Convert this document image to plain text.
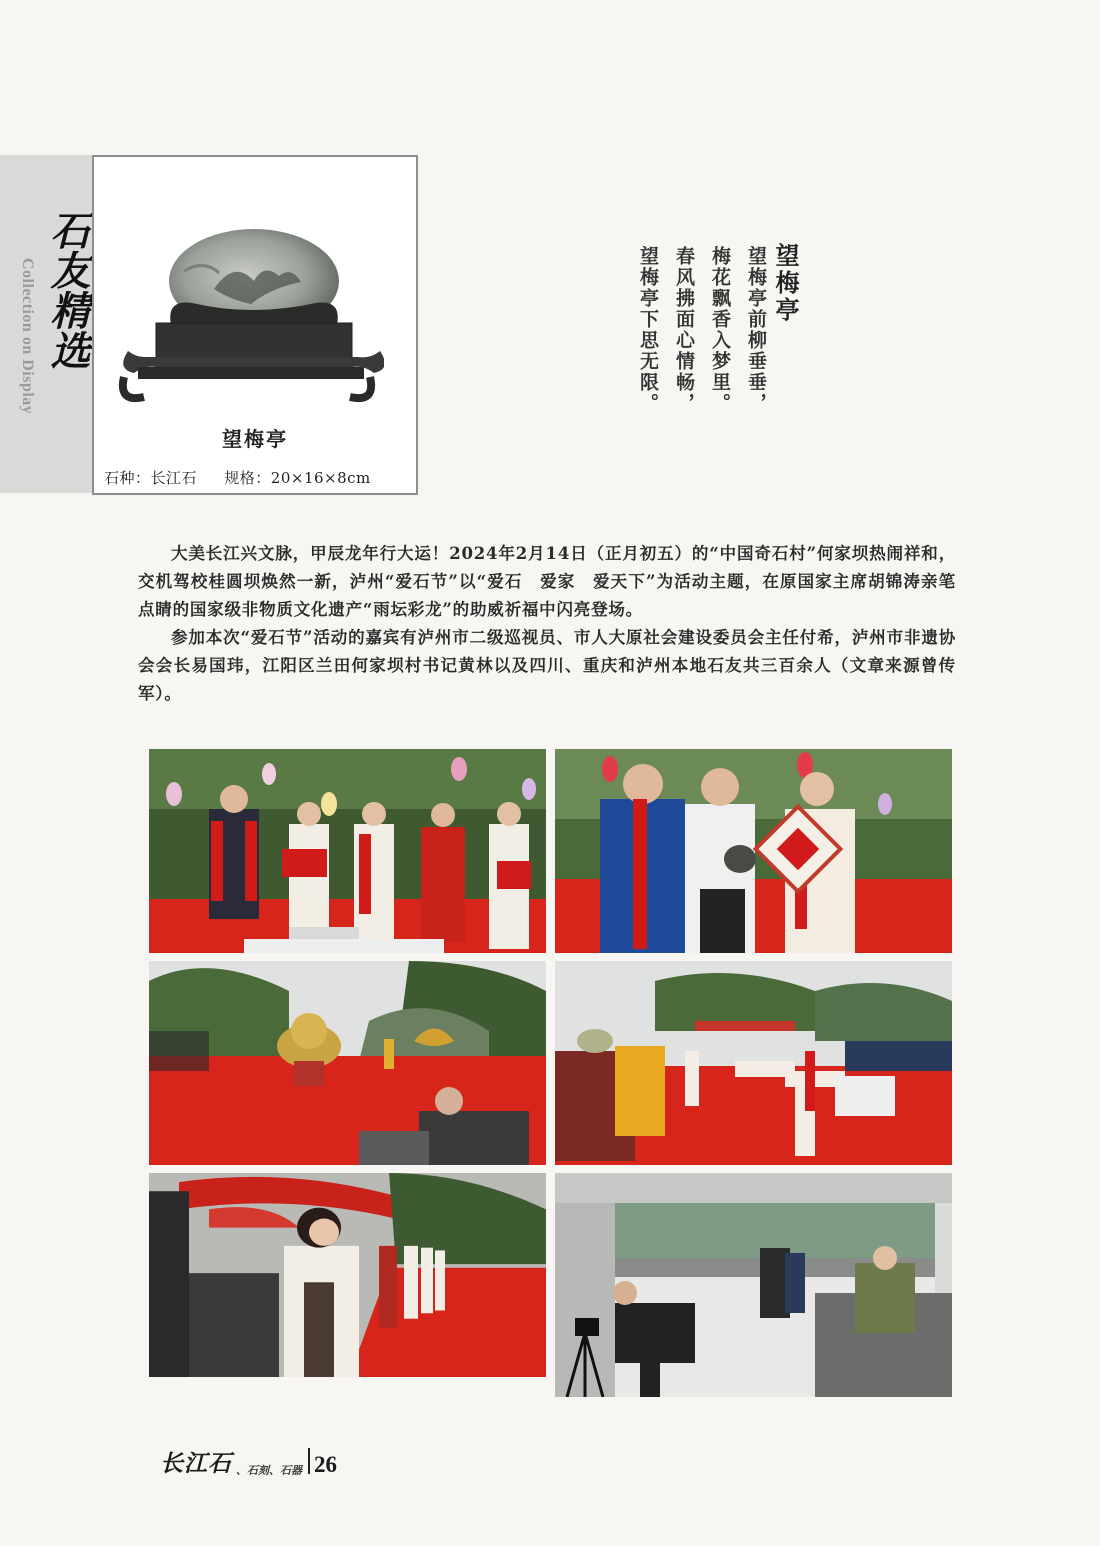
石友精选
Collection on Display
望梅亭
石种：长江石 规格：20×16×8cm
望梅亭
望梅亭前柳垂垂，
梅花飘香入梦里。
春风拂面心情畅，
望梅亭下思无限。

大美长江兴文脉，甲辰龙年行大运！2024年2月14日（正月初五）的“中国奇石村”何家坝热闹祥和，交机驾校桂圆坝焕然一新，泸州“爱石节”以“爱石　爱家　爱天下”为活动主题，在原国家主席胡锦涛亲笔点睛的国家级非物质文化遗产“雨坛彩龙”的助威祈福中闪亮登场。

参加本次“爱石节”活动的嘉宾有泸州市二级巡视员、市人大原社会建设委员会主任付希，泸州市非遗协会会长易国玮，江阳区兰田何家坝村书记黄林以及四川、重庆和泸州本地石友共三百余人（文章来源曾传军）。

长江石 、石刻、石器 26
